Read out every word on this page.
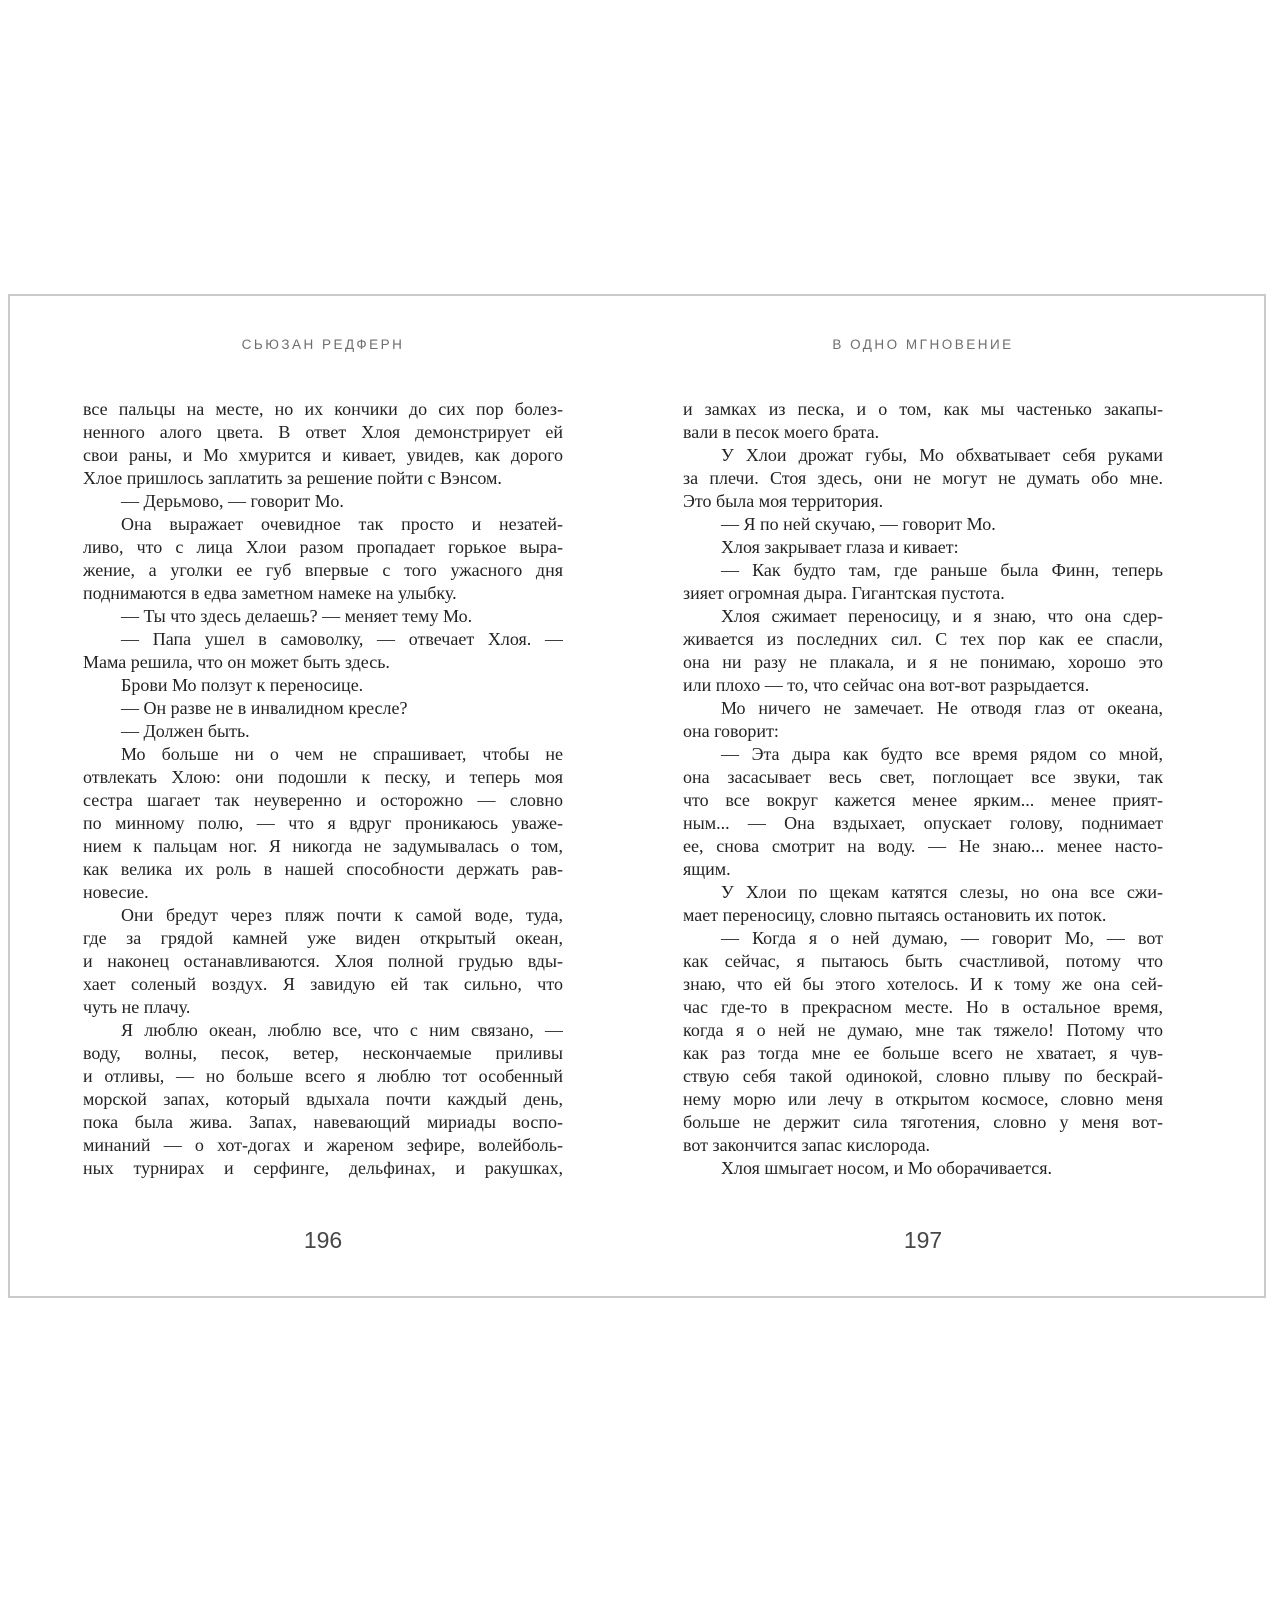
СЬЮЗАН РЕДФЕРН	В ОДНО МГНОВЕНИЕ
все пальцы на месте, но их кончики до сих пор болез-
ненного алого цвета. В ответ Хлоя демонстрирует ей
свои раны, и Мо хмурится и кивает, увидев, как дорого
Хлое пришлось заплатить за решение пойти с Вэнсом.
— Дерьмово, — говорит Мо.
Она выражает очевидное так просто и незатей-
ливо, что с лица Хлои разом пропадает горькое выра-
жение, а уголки ее губ впервые с того ужасного дня
поднимаются в едва заметном намеке на улыбку.
— Ты что здесь делаешь? — меняет тему Мо.
— Папа ушел в самоволку, — отвечает Хлоя. —
Мама решила, что он может быть здесь.
Брови Мо ползут к переносице.
— Он разве не в инвалидном кресле?
— Должен быть.
Мо больше ни о чем не спрашивает, чтобы не
отвлекать Хлою: они подошли к песку, и теперь моя
сестра шагает так неуверенно и осторожно — словно
по минному полю, — что я вдруг проникаюсь уваже-
нием к пальцам ног. Я никогда не задумывалась о том,
как велика их роль в нашей способности держать рав-
новесие.
Они бредут через пляж почти к самой воде, туда,
где за грядой камней уже виден открытый океан,
и наконец останавливаются. Хлоя полной грудью вды-
хает соленый воздух. Я завидую ей так сильно, что
чуть не плачу.
Я люблю океан, люблю все, что с ним связано, —
воду, волны, песок, ветер, нескончаемые приливы
и отливы, — но больше всего я люблю тот особенный
морской запах, который вдыхала почти каждый день,
пока была жива. Запах, навевающий мириады воспо-
минаний — о хот-догах и жареном зефире, волейболь-
ных турнирах и серфинге, дельфинах, и ракушках,
и замках из песка, и о том, как мы частенько закапы-
вали в песок моего брата.
У Хлои дрожат губы, Мо обхватывает себя руками
за плечи. Стоя здесь, они не могут не думать обо мне.
Это была моя территория.
— Я по ней скучаю, — говорит Мо.
Хлоя закрывает глаза и кивает:
— Как будто там, где раньше была Финн, теперь
зияет огромная дыра. Гигантская пустота.
Хлоя сжимает переносицу, и я знаю, что она сдер-
живается из последних сил. С тех пор как ее спасли,
она ни разу не плакала, и я не понимаю, хорошо это
или плохо — то, что сейчас она вот-вот разрыдается.
Мо ничего не замечает. Не отводя глаз от океана,
она говорит:
— Эта дыра как будто все время рядом со мной,
она засасывает весь свет, поглощает все звуки, так
что все вокруг кажется менее ярким... менее прият-
ным... — Она вздыхает, опускает голову, поднимает
ее, снова смотрит на воду. — Не знаю... менее насто-
ящим.
У Хлои по щекам катятся слезы, но она все сжи-
мает переносицу, словно пытаясь остановить их поток.
— Когда я о ней думаю, — говорит Мо, — вот
как сейчас, я пытаюсь быть счастливой, потому что
знаю, что ей бы этого хотелось. И к тому же она сей-
час где-то в прекрасном месте. Но в остальное время,
когда я о ней не думаю, мне так тяжело! Потому что
как раз тогда мне ее больше всего не хватает, я чув-
ствую себя такой одинокой, словно плыву по бескрай-
нему морю или лечу в открытом космосе, словно меня
больше не держит сила тяготения, словно у меня вот-
вот закончится запас кислорода.
Хлоя шмыгает носом, и Мо оборачивается.
196	197
